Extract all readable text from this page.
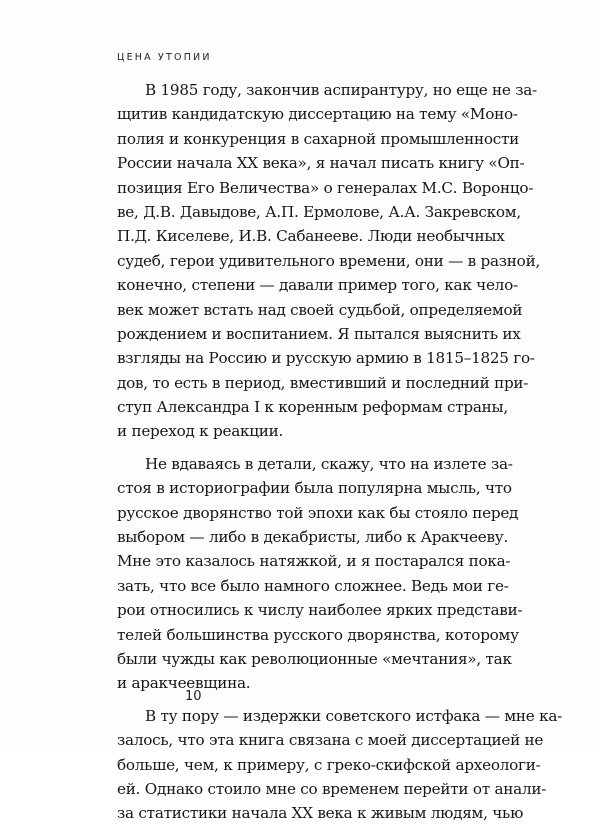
ЦЕНА УТОПИИ
В 1985 году, закончив аспирантуру, но еще не за-
щитив кандидатскую диссертацию на тему «Моно-
полия и конкуренция в сахарной промышленности
России начала XX века», я начал писать книгу «Оп-
позиция Его Величества» о генералах М.С. Воронцо-
ве, Д.В. Давыдове, А.П. Ермолове, А.А. Закревском,
П.Д. Киселеве, И.В. Сабанееве. Люди необычных
судеб, герои удивительного времени, они — в разной,
конечно, степени — давали пример того, как чело-
век может встать над своей судьбой, определяемой
рождением и воспитанием. Я пытался выяснить их
взгляды на Россию и русскую армию в 1815–1825 го-
дов, то есть в период, вместивший и последний при-
ступ Александра I к коренным реформам страны,
и переход к реакции.
Не вдаваясь в детали, скажу, что на излете за-
стоя в историографии была популярна мысль, что
русское дворянство той эпохи как бы стояло перед
выбором — либо в декабристы, либо к Аракчееву.
Мне это казалось натяжкой, и я постарался пока-
зать, что все было намного сложнее. Ведь мои ге-
рои относились к числу наиболее ярких представи-
телей большинства русского дворянства, которому
были чужды как революционные «мечтания», так
и аракчеевщина.
В ту пору — издержки советского истфака — мне ка-
залось, что эта книга связана с моей диссертацией не
больше, чем, к примеру, с греко-скифской археологи-
ей. Однако стоило мне со временем перейти от анали-
за статистики начала XX века к живым людям, чью
10
